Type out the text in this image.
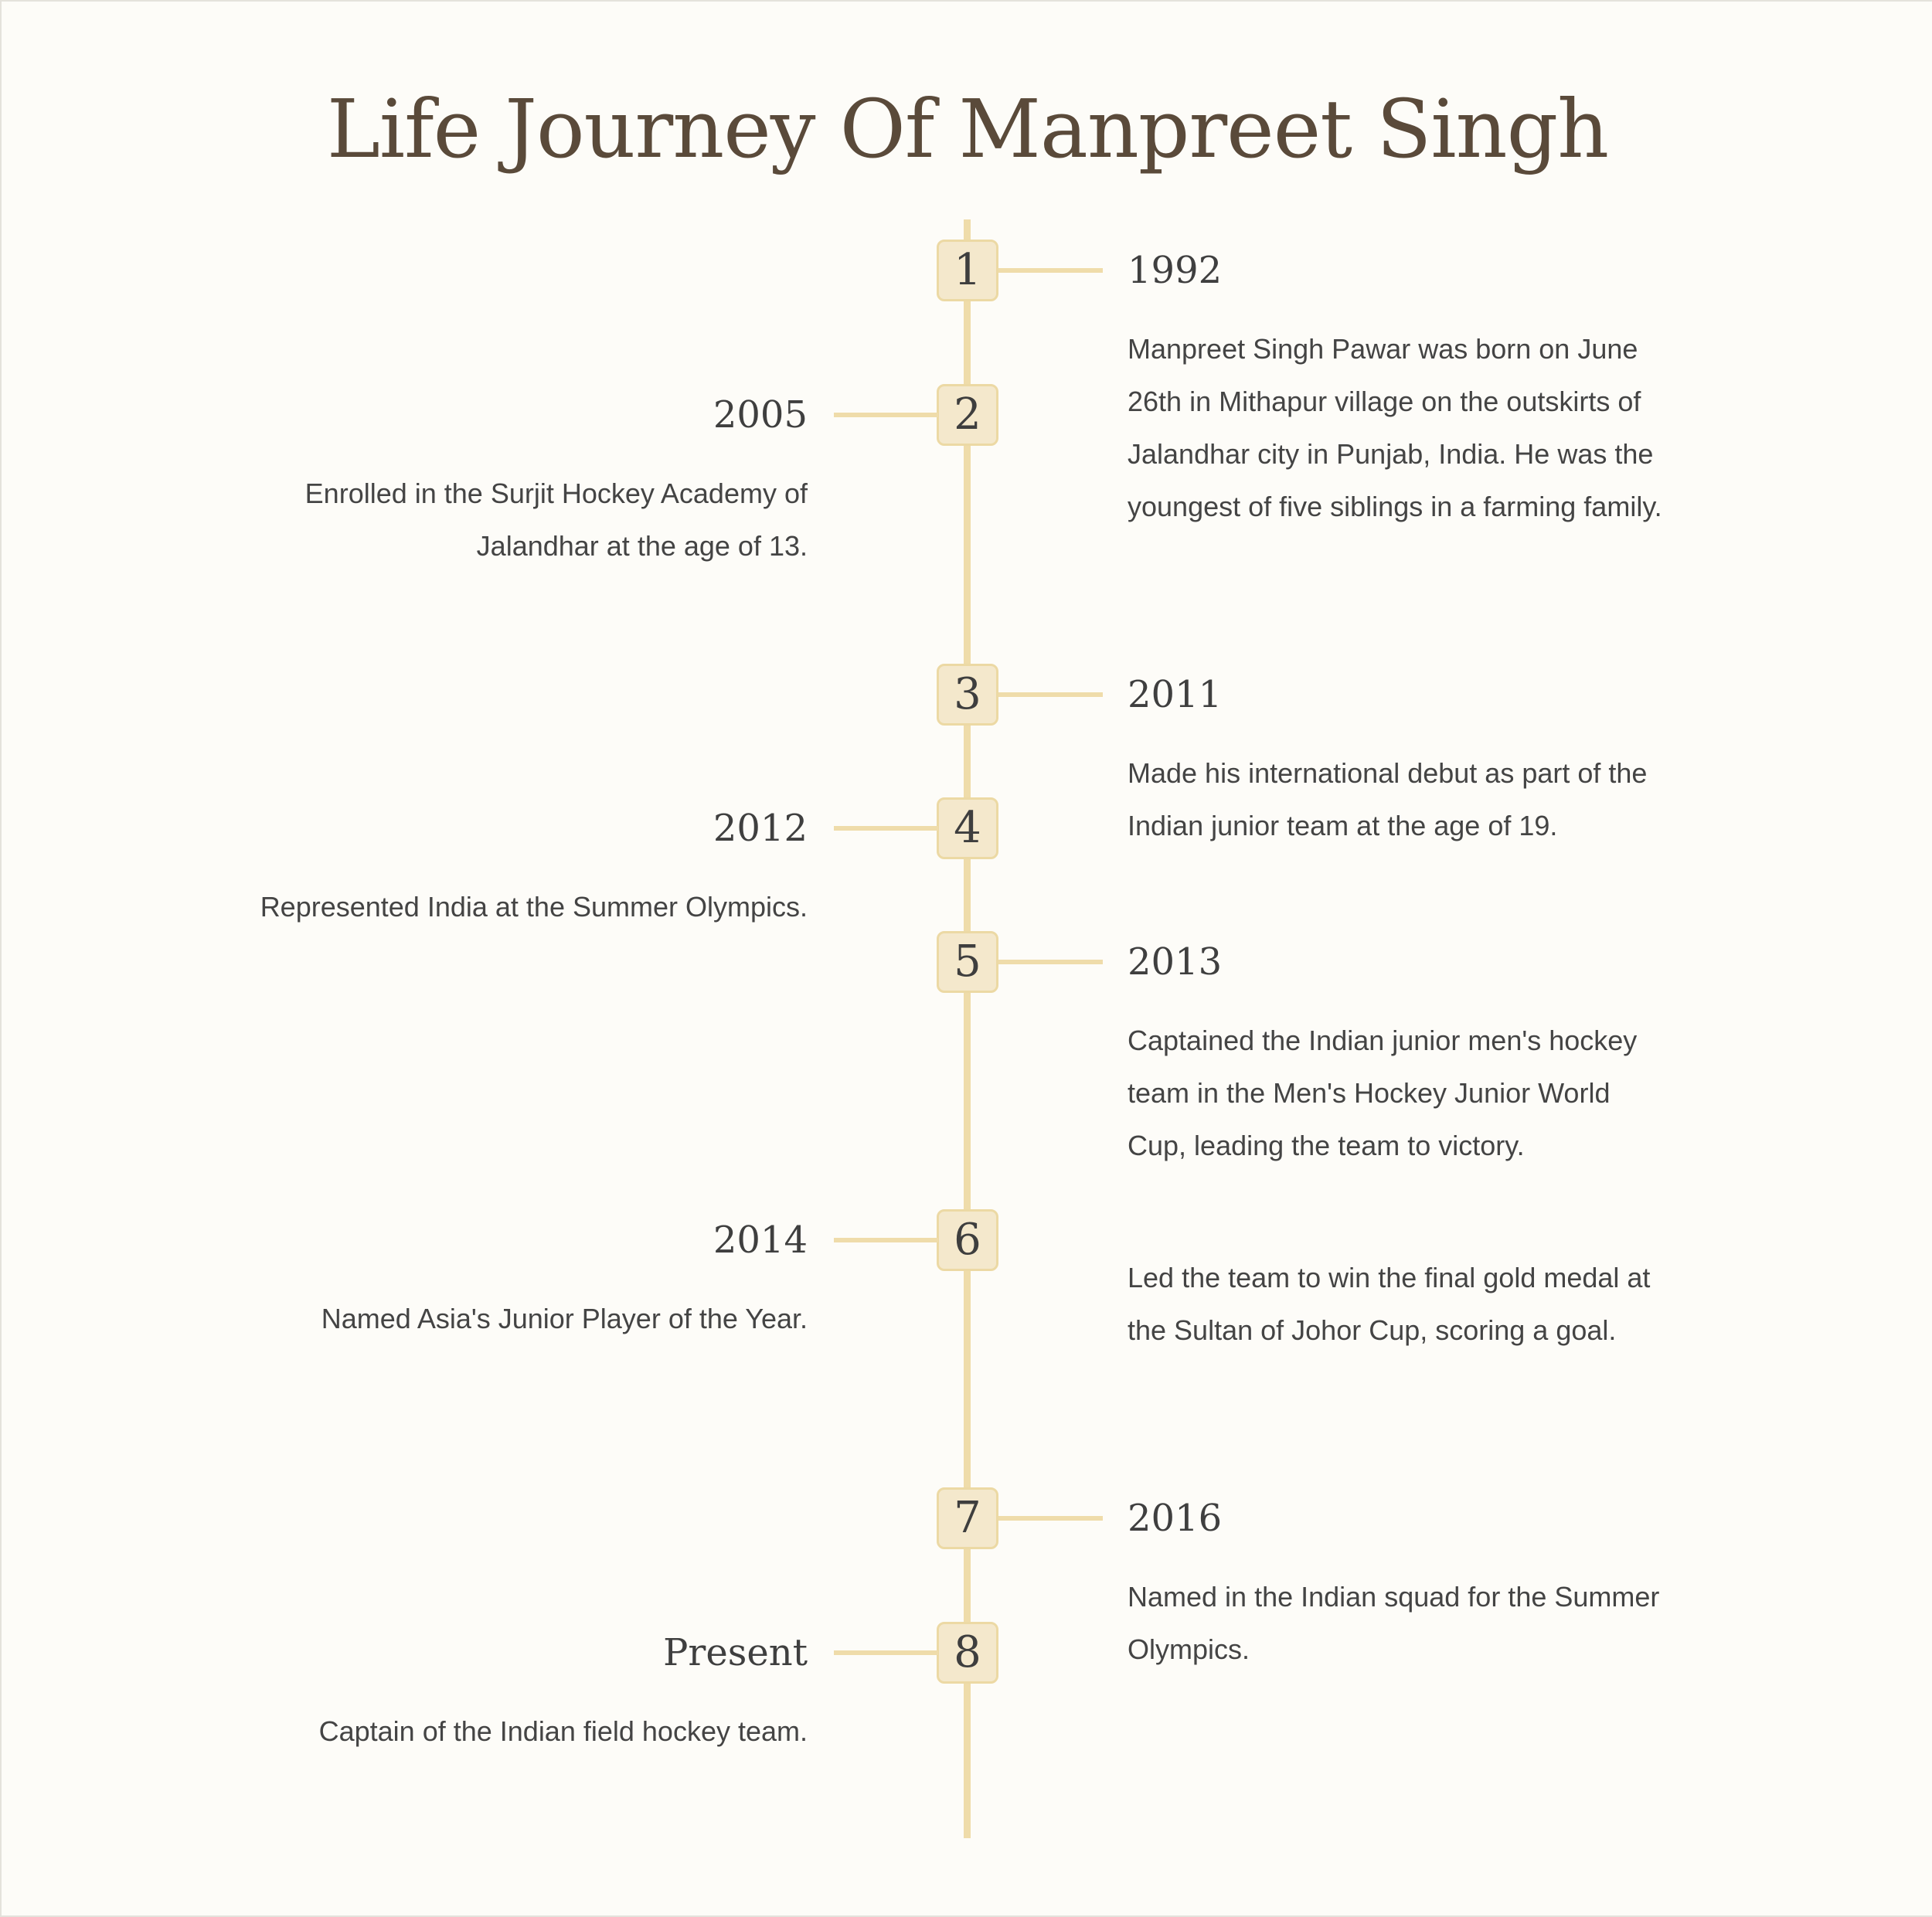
Life Journey Of Manpreet Singh
1	1992
Manpreet Singh Pawar was born on June 26th in Mithapur village on the outskirts of Jalandhar city in Punjab, India. He was the youngest of five siblings in a farming family.
2
2005
Enrolled in the Surjit Hockey Academy of Jalandhar at the age of 13.
3	2011
Made his international debut as part of the Indian junior team at the age of 19.
4
2012
Represented India at the Summer Olympics.
5	2013
Captained the Indian junior men's hockey team in the Men's Hockey Junior World Cup, leading the team to victory.
Led the team to win the final gold medal at the Sultan of Johor Cup, scoring a goal.
6
2014
Named Asia's Junior Player of the Year.
7	2016
Named in the Indian squad for the Summer Olympics.
8
Present
Captain of the Indian field hockey team.
